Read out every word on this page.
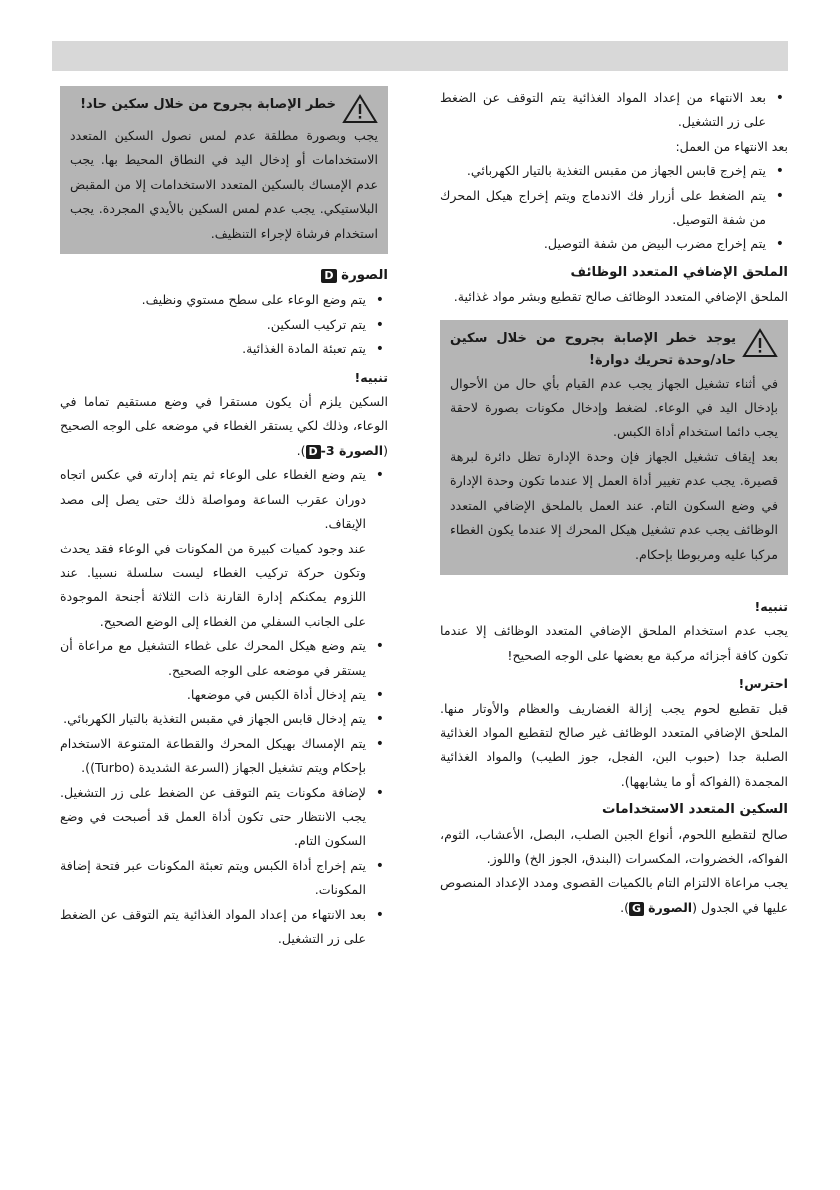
• بعد الانتهاء من إعداد المواد الغذائية يتم التوقف عن الضغط على زر التشغيل.

بعد الانتهاء من العمل:

• يتم إخرج قابس الجهاز من مقبس التغذية بالتيار الكهربائي.
• يتم الضغط على أزرار فك الاندماج ويتم إخراج هيكل المحرك من شفة التوصيل.
• يتم إخراج مضرب البيض من شفة التوصيل.

الملحق الإضافي المتعدد الوظائف

الملحق الإضافي المتعدد الوظائف صالح تقطيع وبشر مواد غذائية.

يوجد خطر الإصابة بجروح من خلال سكين حاد/وحدة تحريك دوارة!

في أثناء تشغيل الجهاز يجب عدم القيام بأي حال من الأحوال بإدخال اليد في الوعاء. لضغط وإدخال مكونات بصورة لاحقة يجب دائما استخدام أداة الكبس.

بعد إيقاف تشغيل الجهاز فإن وحدة الإدارة تظل دائرة لبرهة قصيرة. يجب عدم تغيير أداة العمل إلا عندما تكون وحدة الإدارة في وضع السكون التام. عند العمل بالملحق الإضافي المتعدد الوظائف يجب عدم تشغيل هيكل المحرك إلا عندما يكون الغطاء مركبا عليه ومربوطا بإحكام.

تنبيه!

يجب عدم استخدام الملحق الإضافي المتعدد الوظائف إلا عندما تكون كافة أجزائه مركبة مع بعضها على الوجه الصحيح!

احترس!

قبل تقطيع لحوم يجب إزالة الغضاريف والعظام والأوتار منها. الملحق الإضافي المتعدد الوظائف غير صالح لتقطيع المواد الغذائية الصلبة جدا (حبوب البن، الفجل، جوز الطيب) والمواد الغذائية المجمدة (الفواكه أو ما يشابهها).

السكين المتعدد الاستخدامات

صالح لتقطيع اللحوم، أنواع الجبن الصلب، البصل، الأعشاب، الثوم، الفواكه، الخضروات، المكسرات (البندق، الجوز الخ) واللوز.

يجب مراعاة الالتزام التام بالكميات القصوى ومدد الإعداد المنصوص عليها في الجدول (الصورة G).

خطر الإصابة بجروح من خلال سكين حاد!

يجب وبصورة مطلقة عدم لمس نصول السكين المتعدد الاستخدامات أو إدخال اليد في النطاق المحيط بها. يجب عدم الإمساك بالسكين المتعدد الاستخدامات إلا من المقبض البلاستيكي. يجب عدم لمس السكين بالأيدي المجردة. يجب استخدام فرشاة لإجراء التنظيف.

الصورة D

• يتم وضع الوعاء على سطح مستوي ونظيف.
• يتم تركيب السكين.
• يتم تعبئة المادة الغذائية.

تنبيه!

السكين يلزم أن يكون مستقرا في وضع مستقيم تماما في الوعاء، وذلك لكي يستقر الغطاء في موضعه على الوجه الصحيح (الصورة 3-D).

• يتم وضع الغطاء على الوعاء ثم يتم إدارته في عكس اتجاه دوران عقرب الساعة ومواصلة ذلك حتى يصل إلى مصد الإيقاف.

عند وجود كميات كبيرة من المكونات في الوعاء فقد يحدث وتكون حركة تركيب الغطاء ليست سلسلة نسبيا. عند اللزوم يمكنكم إدارة القارنة ذات الثلاثة أجنحة الموجودة على الجانب السفلي من الغطاء إلى الوضع الصحيح.

• يتم وضع هيكل المحرك على غطاء التشغيل مع مراعاة أن يستقر في موضعه على الوجه الصحيح.
• يتم إدخال أداة الكبس في موضعها.
• يتم إدخال قابس الجهاز في مقبس التغذية بالتيار الكهربائي.
• يتم الإمساك بهيكل المحرك والقطاعة المتنوعة الاستخدام بإحكام ويتم تشغيل الجهاز (السرعة الشديدة (Turbo)).
• لإضافة مكونات يتم التوقف عن الضغط على زر التشغيل. يجب الانتظار حتى تكون أداة العمل قد أصبحت في وضع السكون التام.
• يتم إخراج أداة الكبس ويتم تعبئة المكونات عبر فتحة إضافة المكونات.
• بعد الانتهاء من إعداد المواد الغذائية يتم التوقف عن الضغط على زر التشغيل.
